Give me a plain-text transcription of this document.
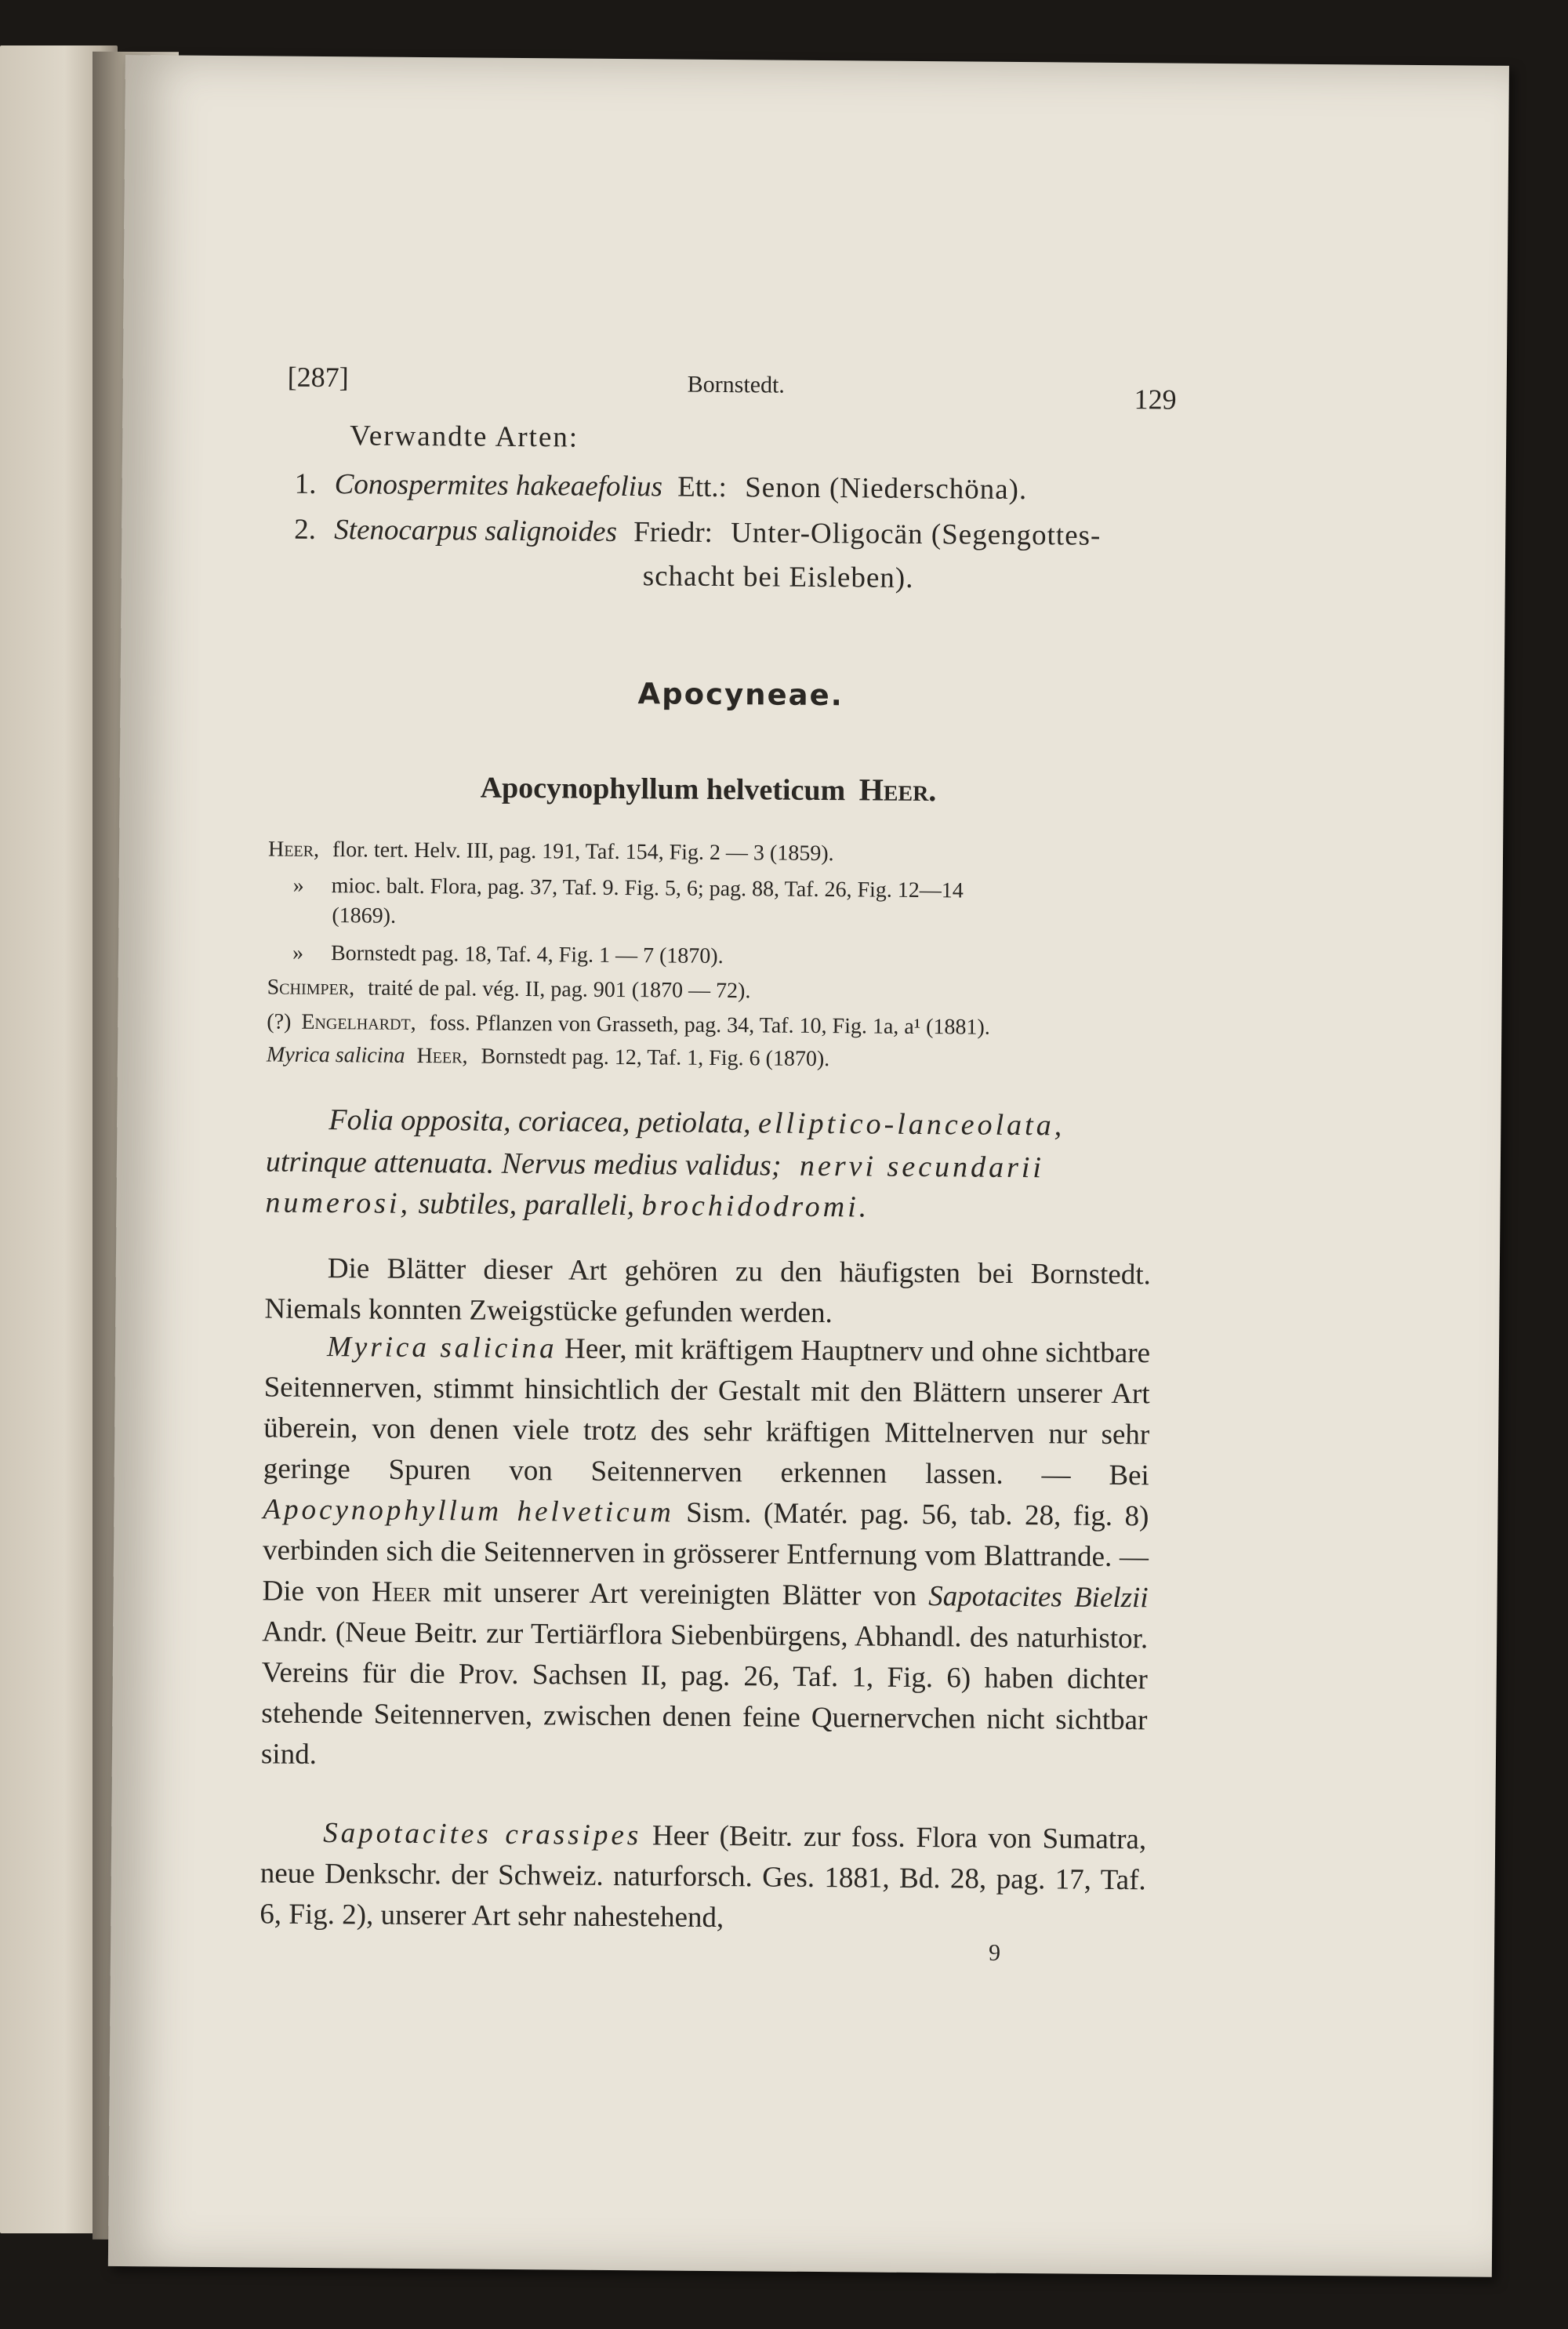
[287]	Bornstedt.	129
Verwandte Arten:
1. Conospermites hakeaefolius Ett.: Senon (Niederschöna).
2. Stenocarpus salignoides Friedr: Unter-Oligocän (Segengottes-
schacht bei Eisleben).
Apocyneae.
Apocynophyllum helveticum Heer.
Heer, flor. tert. Helv. III, pag. 191, Taf. 154, Fig. 2 — 3 (1859).
» mioc. balt. Flora, pag. 37, Taf. 9. Fig. 5, 6; pag. 88, Taf. 26, Fig. 12—14
(1869).
» Bornstedt pag. 18, Taf. 4, Fig. 1 — 7 (1870).
Schimper, traité de pal. vég. II, pag. 901 (1870 — 72).
(?) Engelhardt, foss. Pflanzen von Grasseth, pag. 34, Taf. 10, Fig. 1a, a¹ (1881).
Myrica salicina Heer, Bornstedt pag. 12, Taf. 1, Fig. 6 (1870).
Folia opposita, coriacea, petiolata, elliptico-lanceolata,
utrinque attenuata. Nervus medius validus; nervi secundarii
numerosi, subtiles, paralleli, brochidodromi.

Die Blätter dieser Art gehören zu den häufigsten bei Bornstedt. Niemals konnten Zweigstücke gefunden werden.

Myrica salicina Heer, mit kräftigem Hauptnerv und ohne sichtbare Seitennerven, stimmt hinsichtlich der Gestalt mit den Blättern unserer Art überein, von denen viele trotz des sehr kräftigen Mittelnerven nur sehr geringe Spuren von Seitennerven erkennen lassen. — Bei Apocynophyllum helveticum Sism. (Matér. pag. 56, tab. 28, fig. 8) verbinden sich die Seitennerven in grösserer Entfernung vom Blattrande. — Die von Heer mit unserer Art vereinigten Blätter von Sapotacites Bielzii Andr. (Neue Beitr. zur Tertiärflora Siebenbürgens, Abhandl. des naturhistor. Vereins für die Prov. Sachsen II, pag. 26, Taf. 1, Fig. 6) haben dichter stehende Seitennerven, zwischen denen feine Quernervchen nicht sichtbar sind.

Sapotacites crassipes Heer (Beitr. zur foss. Flora von Sumatra, neue Denkschr. der Schweiz. naturforsch. Ges. 1881, Bd. 28, pag. 17, Taf. 6, Fig. 2), unserer Art sehr nahestehend,

9
